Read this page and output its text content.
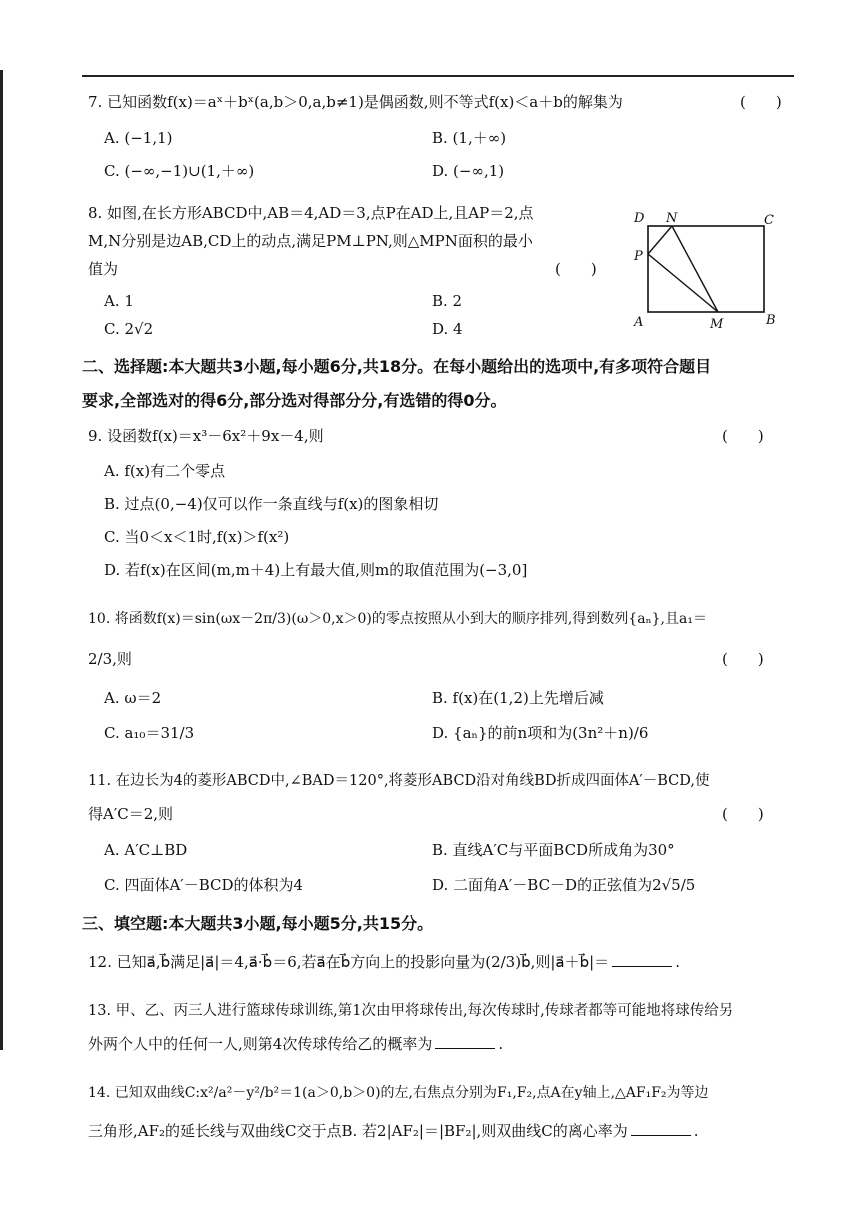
7. 已知函数f(x)＝aˣ＋bˣ(a,b＞0,a,b≠1)是偶函数,则不等式f(x)＜a＋b的解集为	(　　)
A. (−1,1)	B. (1,＋∞)
C. (−∞,−1)∪(1,＋∞)	D. (−∞,1)
8. 如图,在长方形ABCD中,AB＝4,AD＝3,点P在AD上,且AP＝2,点
M,N分别是边AB,CD上的动点,满足PM⊥PN,则△MPN面积的最小
值为	(　　)
A. 1	B. 2
C. 2√2	D. 4
D N	C
P
A	M	B
二、选择题:本大题共3小题,每小题6分,共18分。在每小题给出的选项中,有多项符合题目
要求,全部选对的得6分,部分选对得部分分,有选错的得0分。
9. 设函数f(x)＝x³－6x²＋9x－4,则	(　　)
A. f(x)有二个零点
B. 过点(0,−4)仅可以作一条直线与f(x)的图象相切
C. 当0＜x＜1时,f(x)＞f(x²)
D. 若f(x)在区间(m,m＋4)上有最大值,则m的取值范围为(−3,0]
10. 将函数f(x)＝sin(ωx－2π/3)(ω＞0,x＞0)的零点按照从小到大的顺序排列,得到数列{aₙ},且a₁＝
2/3,则	(　　)
A. ω＝2	B. f(x)在(1,2)上先增后减
C. a₁₀＝31/3	D. {aₙ}的前n项和为(3n²＋n)/6
11. 在边长为4的菱形ABCD中,∠BAD＝120°,将菱形ABCD沿对角线BD折成四面体A′－BCD,使
得A′C＝2,则	(　　)
A. A′C⊥BD	B. 直线A′C与平面BCD所成角为30°
C. 四面体A′－BCD的体积为4	D. 二面角A′－BC－D的正弦值为2√5/5
三、填空题:本大题共3小题,每小题5分,共15分。
12. 已知a⃗,b⃗满足|a⃗|＝4,a⃗·b⃗＝6,若a⃗在b⃗方向上的投影向量为(2/3)b⃗,则|a⃗＋b⃗|＝	.
13. 甲、乙、丙三人进行篮球传球训练,第1次由甲将球传出,每次传球时,传球者都等可能地将球传给另
外两个人中的任何一人,则第4次传球传给乙的概率为	.
14. 已知双曲线C:x²/a²－y²/b²＝1(a＞0,b＞0)的左,右焦点分别为F₁,F₂,点A在y轴上,△AF₁F₂为等边
三角形,AF₂的延长线与双曲线C交于点B. 若2|AF₂|＝|BF₂|,则双曲线C的离心率为	.
